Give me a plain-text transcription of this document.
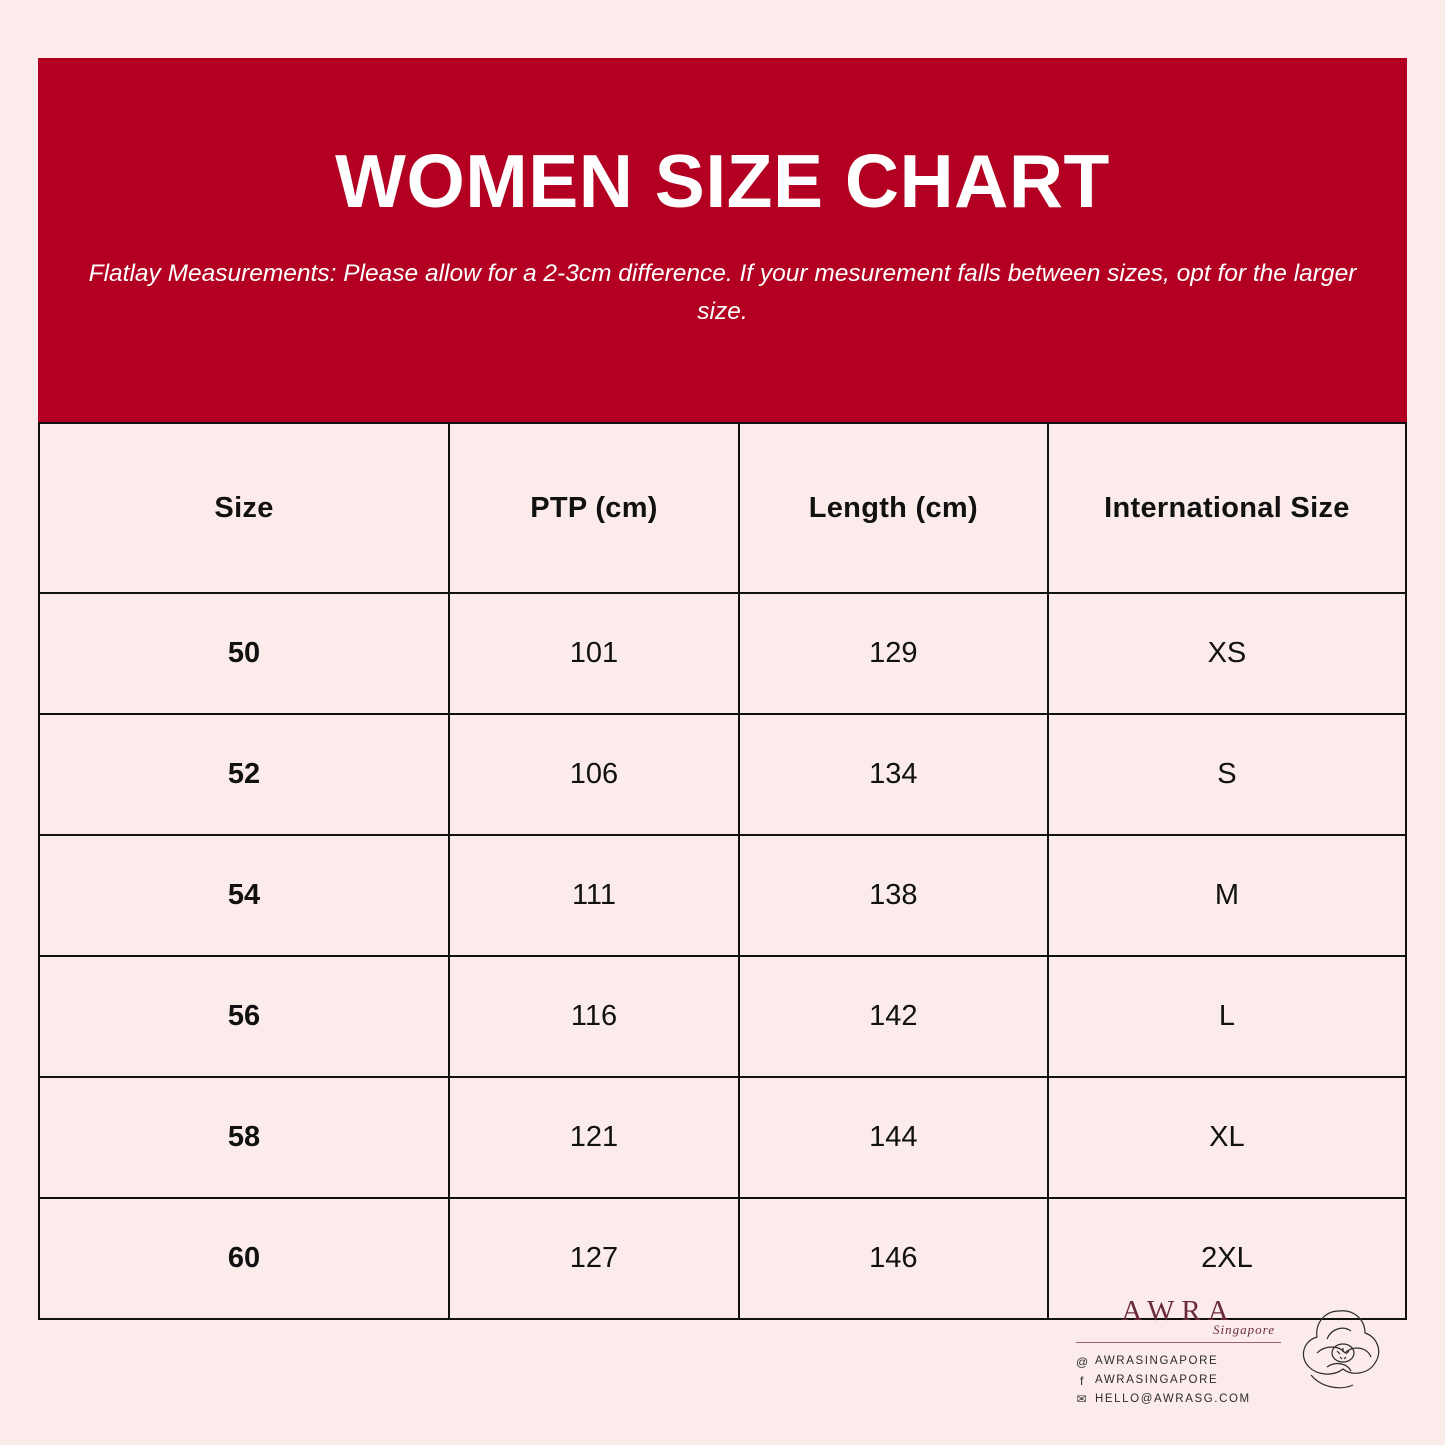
WOMEN SIZE CHART
Flatlay Measurements: Please allow for a 2-3cm difference. If your mesurement falls between sizes, opt for the larger size.
Size	PTP (cm)	Length (cm)	International Size
50	101	129	XS
52	106	134	S
54	111	138	M
56	116	142	L
58	121	144	XL
60	127	146	2XL
AWRA
Singapore
@ AWRASINGAPORE
f AWRASINGAPORE
✉ HELLO@AWRASG.COM
